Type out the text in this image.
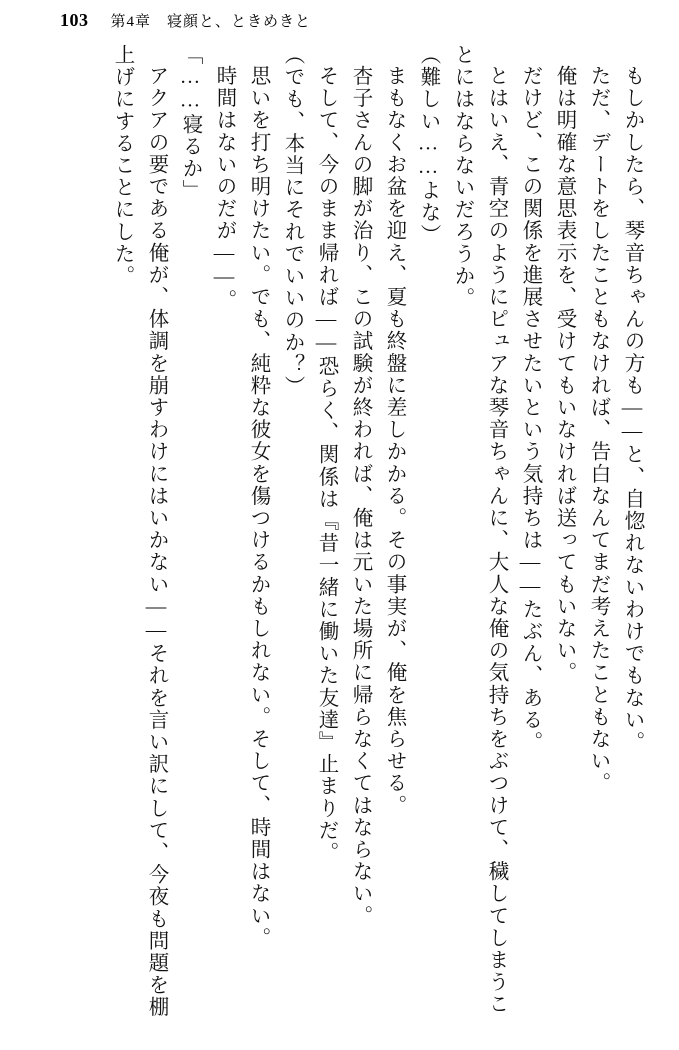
103 第4章　寝顔と、ときめきと

もしかしたら、琴音ちゃんの方も——と、自惚れないわけでもない。

ただ、デートをしたこともなければ、告白なんてまだ考えたこともない。

俺は明確な意思表示を、受けてもいなければ送ってもいない。

だけど、この関係を進展させたいという気持ちは——たぶん、ある。

とはいえ、青空のようにピュアな琴音ちゃんに、大人な俺の気持ちをぶつけて、穢してしまうことにはならないだろうか。

（難しい……よな）

まもなくお盆を迎え、夏も終盤に差しかかる。その事実が、俺を焦らせる。

杏子さんの脚が治り、この試験が終われば、俺は元いた場所に帰らなくてはならない。

そして、今のまま帰れば——恐らく、関係は『昔一緒に働いた友達』止まりだ。

（でも、本当にそれでいいのか？）

思いを打ち明けたい。でも、純粋な彼女を傷つけるかもしれない。そして、時間はない。

時間はないのだが——。

「……寝るか」

アクアの要である俺が、体調を崩すわけにはいかない——それを言い訳にして、今夜も問題を棚上げにすることにした。
